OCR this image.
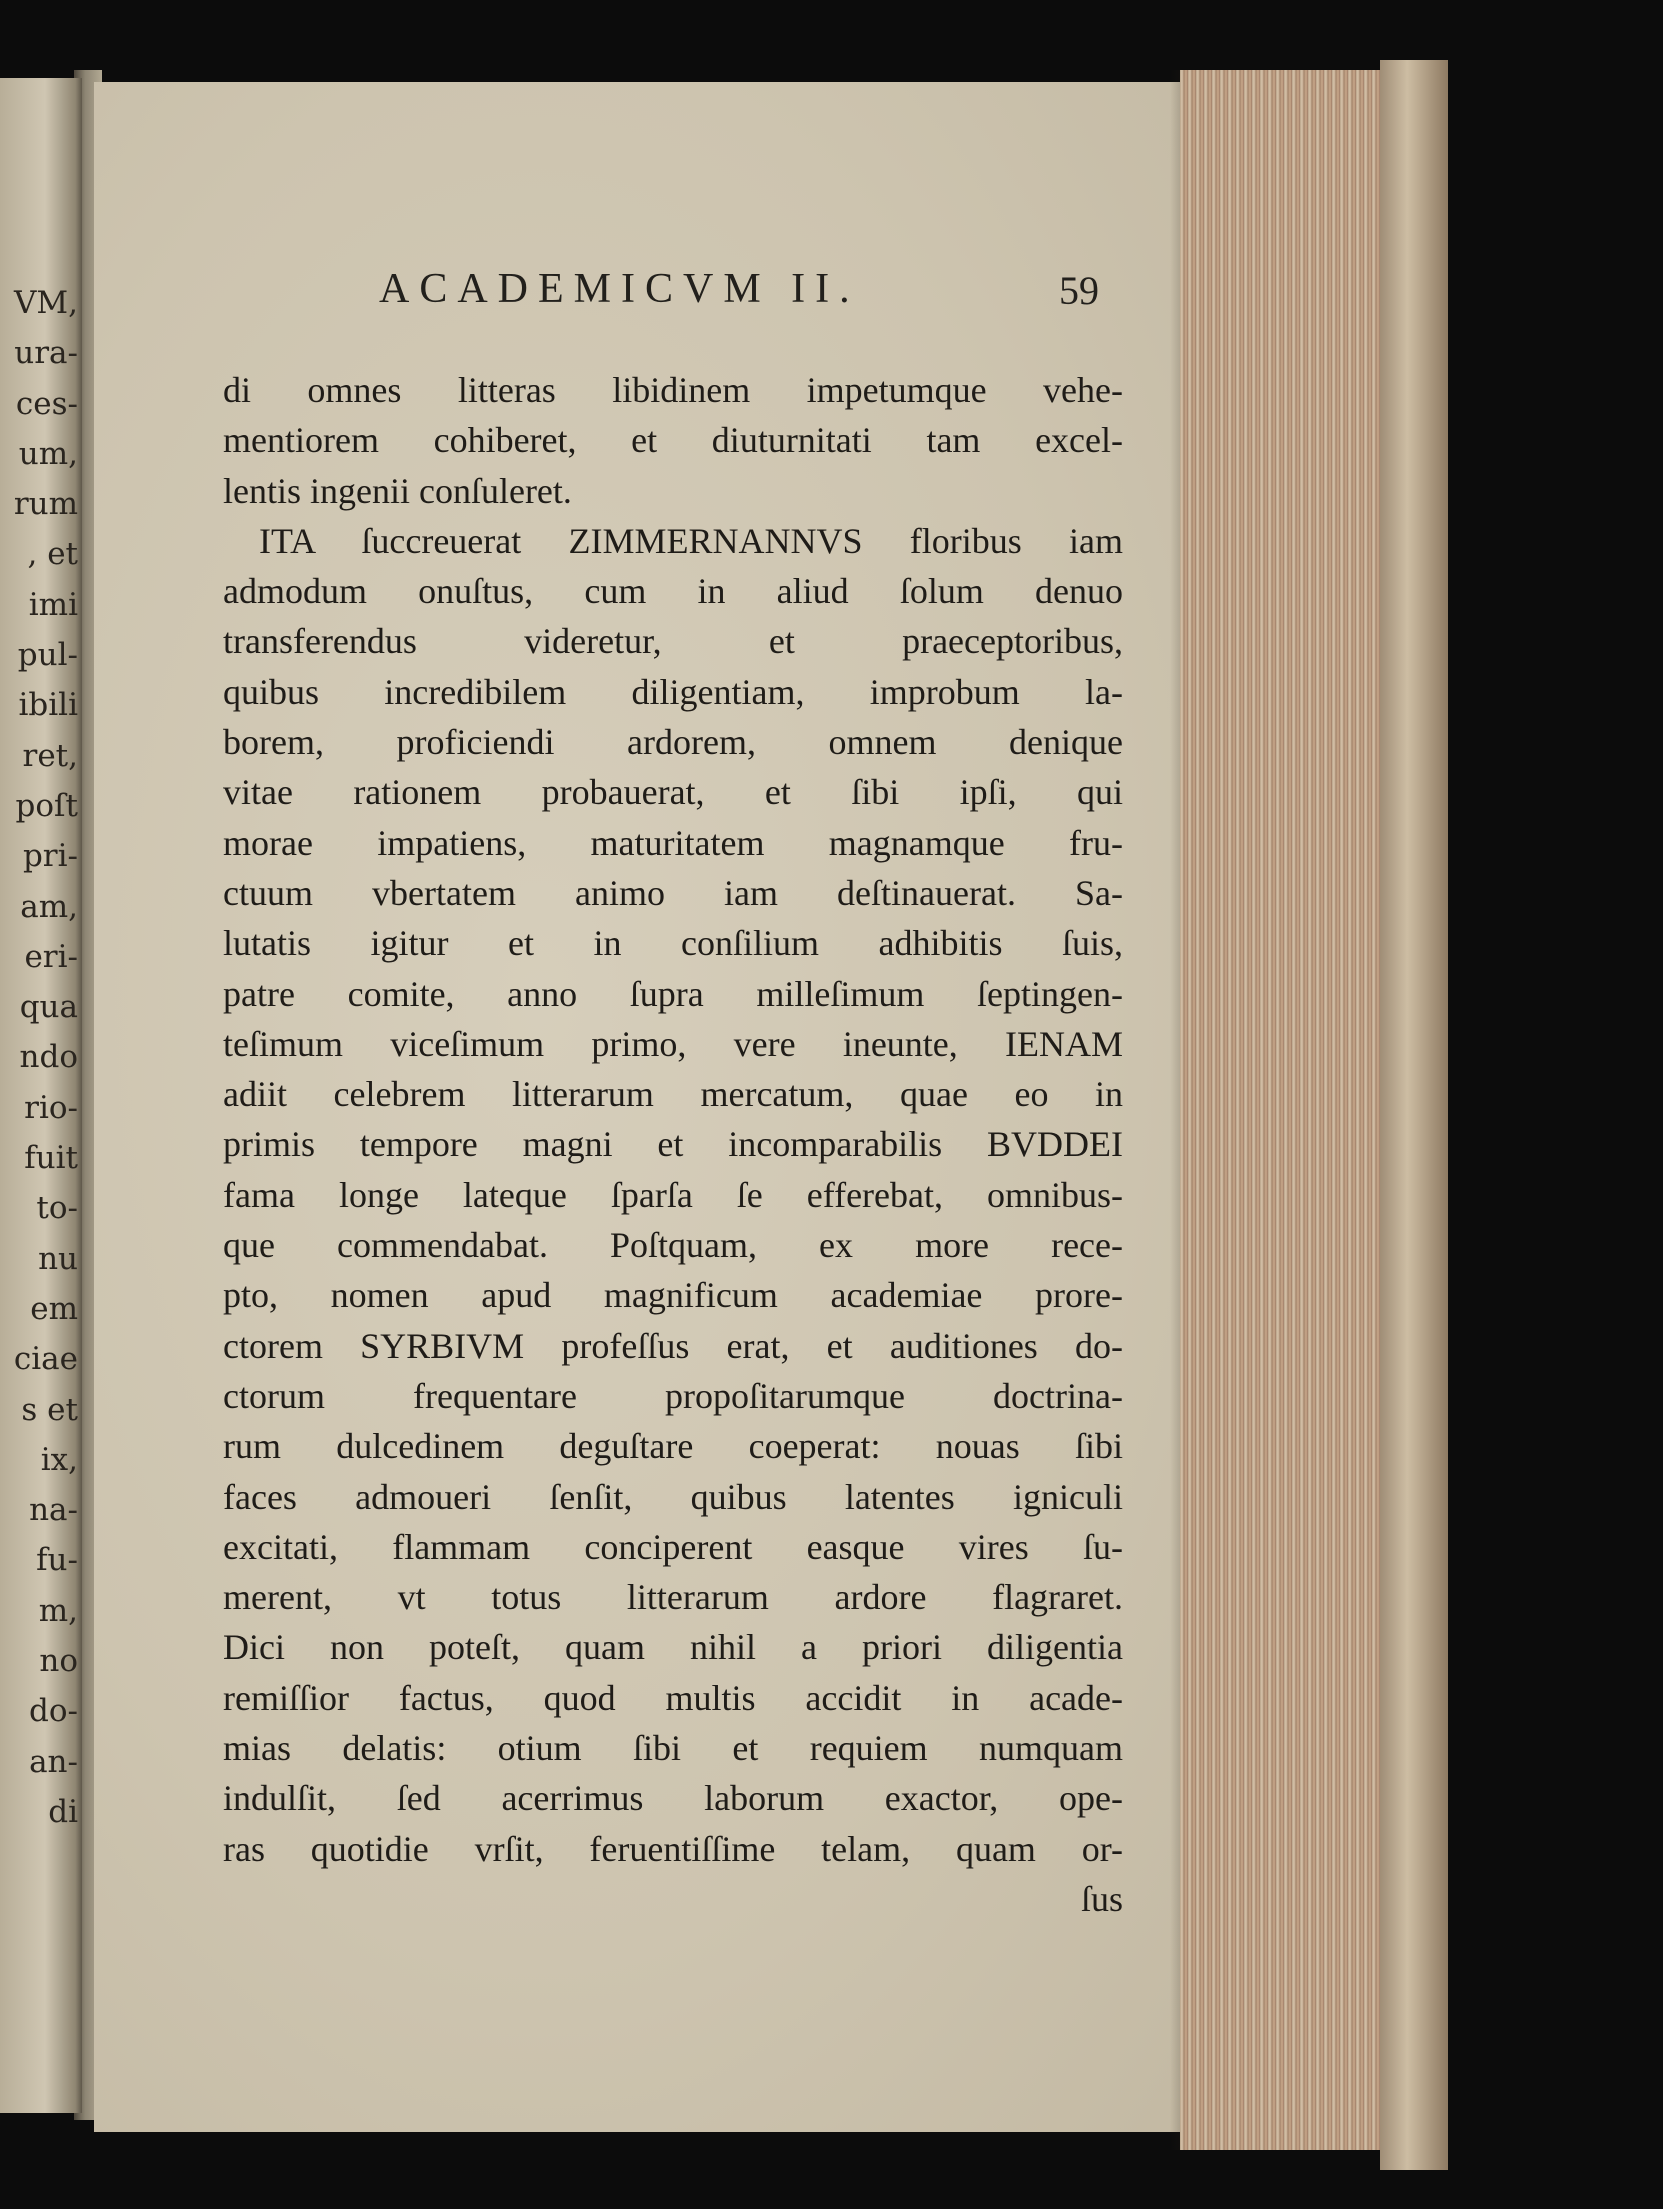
VM,
ura-
ces-
um,
rum
, et
imi
pul-
ibili
ret,
poſt
pri-
am,
eri-
qua
ndo
rio-
fuit
to-
nu
em
ciae
s et
ix,
na-
fu-
m,
no
do-
an-
di
ACADEMICVM II.	59
di omnes litteras libidinem impetumque vehe-
mentiorem cohiberet, et diuturnitati tam excel-
lentis ingenii conſuleret.
ITA ſuccreuerat ZIMMERNANNVS floribus iam
admodum onuſtus, cum in aliud ſolum denuo
transferendus videretur, et praeceptoribus,
quibus incredibilem diligentiam, improbum la-
borem, proficiendi ardorem, omnem denique
vitae rationem probauerat, et ſibi ipſi, qui
morae impatiens, maturitatem magnamque fru-
ctuum vbertatem animo iam deſtinauerat. Sa-
lutatis igitur et in conſilium adhibitis ſuis,
patre comite, anno ſupra milleſimum ſeptingen-
teſimum viceſimum primo, vere ineunte, IENAM
adiit celebrem litterarum mercatum, quae eo in
primis tempore magni et incomparabilis BVDDEI
fama longe lateque ſparſa ſe efferebat, omnibus-
que commendabat. Poſtquam, ex more rece-
pto, nomen apud magnificum academiae prore-
ctorem SYRBIVM profeſſus erat, et auditiones do-
ctorum frequentare propoſitarumque doctrina-
rum dulcedinem deguſtare coeperat: nouas ſibi
faces admoueri ſenſit, quibus latentes igniculi
excitati, flammam conciperent easque vires ſu-
merent, vt totus litterarum ardore flagraret.
Dici non poteſt, quam nihil a priori diligentia
remiſſior factus, quod multis accidit in acade-
mias delatis: otium ſibi et requiem numquam
indulſit, ſed acerrimus laborum exactor, ope-
ras quotidie vrſit, feruentiſſime telam, quam or-
ſus
